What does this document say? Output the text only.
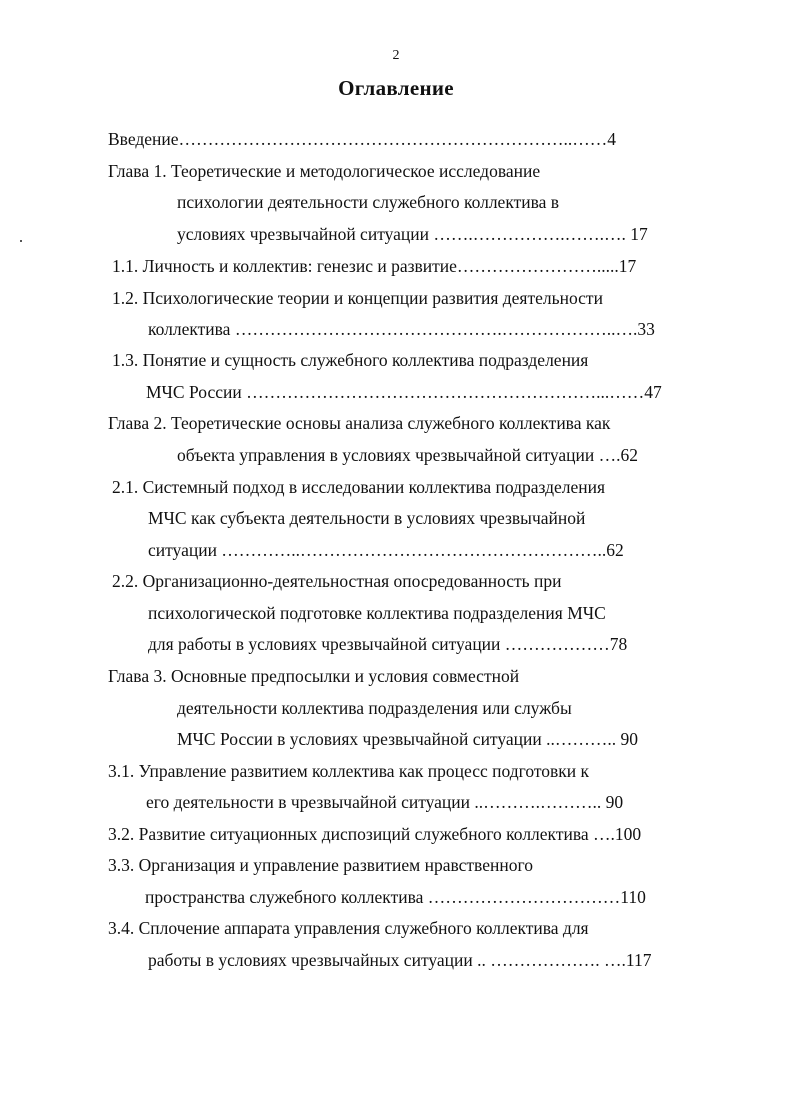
2
Оглавление
Введение…………………………………………………………..……4
Глава 1. Теоретические и методологическое исследование
психологии деятельности служебного коллектива в
условиях чрезвычайной ситуации …….…………….…….…. 17
1.1. Личность и коллектив: генезис и развитие…………………….....17
1.2. Психологические теории и концепции развития деятельности
коллектива ……………………………………….………………..….33
1.3. Понятие и сущность служебного коллектива подразделения
МЧС России ……………………………………………………...……47
Глава 2. Теоретические основы анализа служебного коллектива как
объекта управления в условиях чрезвычайной ситуации ….62
2.1. Системный подход в исследовании коллектива подразделения
МЧС как субъекта деятельности в условиях чрезвычайной
ситуации …………..……………………………………………..62
2.2. Организационно-деятельностная опосредованность при
психологической подготовке коллектива подразделения МЧС
для работы в условиях чрезвычайной ситуации ………………78
Глава 3. Основные предпосылки и условия совместной
деятельности коллектива подразделения или службы
МЧС России в условиях чрезвычайной ситуации ..……….. 90
3.1. Управление развитием коллектива как процесс подготовки к
его деятельности в чрезвычайной ситуации ..……….……….. 90
3.2. Развитие ситуационных диспозиций служебного коллектива ….100
3.3. Организация и управление развитием нравственного
пространства служебного коллектива ……………………………110
3.4. Сплочение аппарата управления служебного коллектива для
работы в условиях чрезвычайных ситуации .. ………………. ….117
